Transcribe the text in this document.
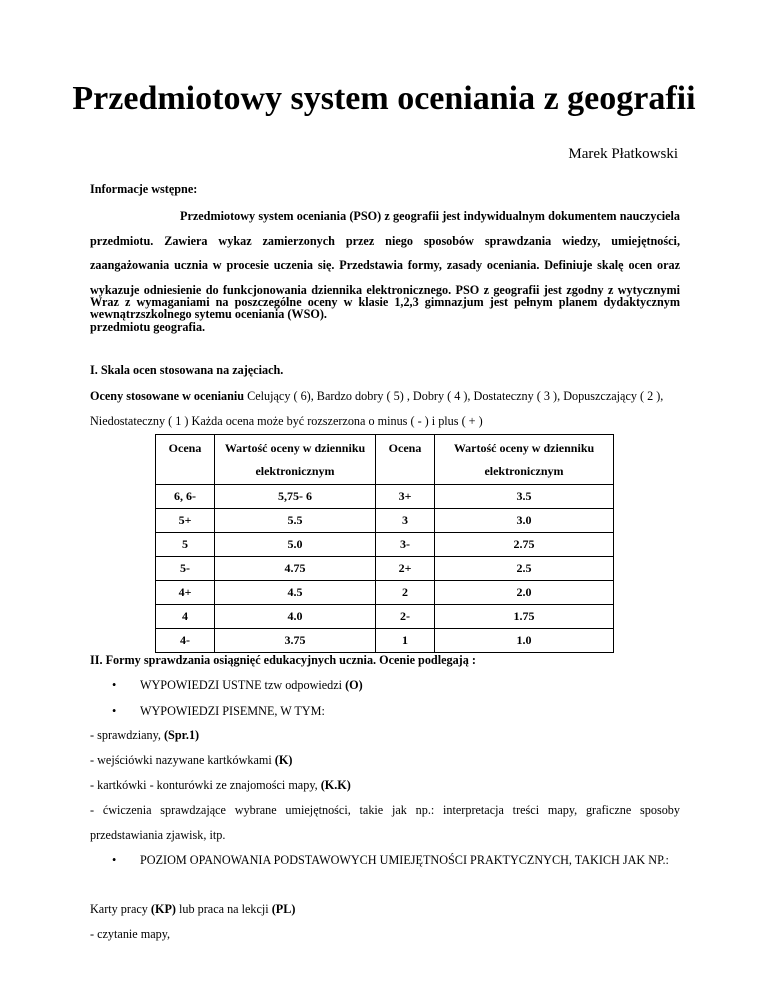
Przedmiotowy system oceniania z geografii
Marek Płatkowski

Informacje wstępne:

Przedmiotowy system oceniania (PSO) z geografii jest indywidualnym dokumentem nauczyciela przedmiotu. Zawiera wykaz zamierzonych przez niego sposobów sprawdzania wiedzy, umiejętności, zaangażowania ucznia w procesie uczenia się. Przedstawia formy, zasady oceniania. Definiuje skalę ocen oraz wykazuje odniesienie do funkcjonowania dziennika elektronicznego. PSO z geografii jest zgodny z wytycznymi wewnątrzszkolnego sytemu oceniania (WSO).

Wraz z wymaganiami na poszczególne oceny w klasie 1,2,3 gimnazjum jest pełnym planem dydaktycznym przedmiotu geografia.

I. Skala ocen stosowana na zajęciach.

Oceny stosowane w ocenianiu Celujący ( 6), Bardzo dobry ( 5) , Dobry ( 4 ), Dostateczny ( 3 ), Dopuszczający ( 2 ), Niedostateczny ( 1 ) Każda ocena może być rozszerzona o minus ( - ) i plus ( + )

Ocena	Wartość oceny w dzienniku elektronicznym	Ocena	Wartość oceny w dzienniku elektronicznym
6, 6-	5,75- 6	3+	3.5
5+	5.5	3	3.0
5	5.0	3-	2.75
5-	4.75	2+	2.5
4+	4.5	2	2.0
4	4.0	2-	1.75
4-	3.75	1	1.0

II. Formy sprawdzania osiągnięć edukacyjnych ucznia. Ocenie podlegają :

• WYPOWIEDZI USTNE tzw odpowiedzi (O)
• WYPOWIEDZI PISEMNE, W TYM:

- sprawdziany, (Spr.1)

- wejściówki nazywane kartkówkami (K)

- kartkówki - konturówki ze znajomości mapy, (K.K)

- ćwiczenia sprawdzające wybrane umiejętności, takie jak np.: interpretacja treści mapy, graficzne sposoby przedstawiania zjawisk, itp.

• POZIOM OPANOWANIA PODSTAWOWYCH UMIEJĘTNOŚCI PRAKTYCZNYCH, TAKICH JAK NP.:

Karty pracy (KP) lub praca na lekcji (PL)

- czytanie mapy,
